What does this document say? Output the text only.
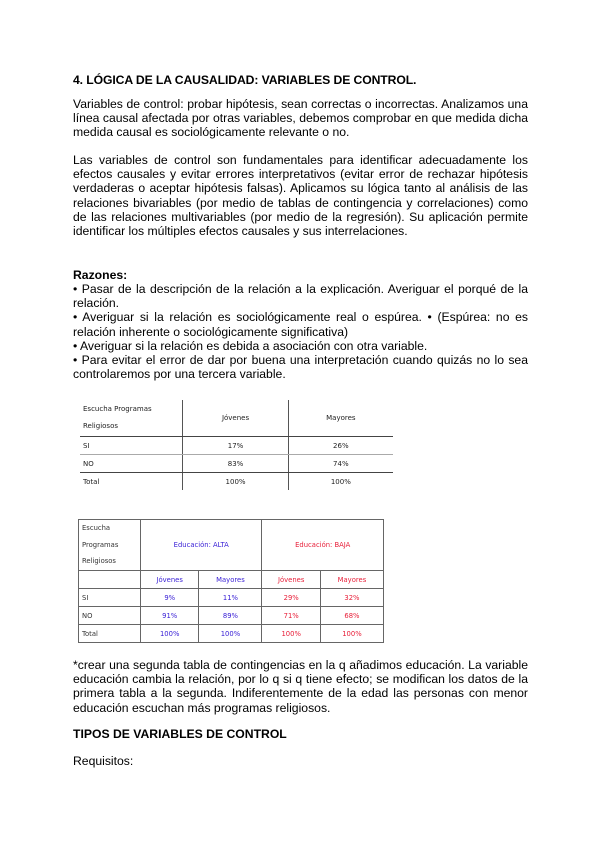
4. LÓGICA DE LA CAUSALIDAD: VARIABLES DE CONTROL.
Variables de control: probar hipótesis, sean correctas o incorrectas. Analizamos una línea causal afectada por otras variables, debemos comprobar en que medida dicha medida causal es sociológicamente relevante o no.
Las variables de control son fundamentales para identificar adecuadamente los efectos causales y evitar errores interpretativos (evitar error de rechazar hipótesis verdaderas o aceptar hipótesis falsas). Aplicamos su lógica tanto al análisis de las relaciones bivariables (por medio de tablas de contingencia y correlaciones) como de las relaciones multivariables (por medio de la regresión). Su aplicación permite identificar los múltiples efectos causales y sus interrelaciones.
Razones:
• Pasar de la descripción de la relación a la explicación. Averiguar el porqué de la relación.
• Averiguar si la relación es sociológicamente real o espúrea. • (Espúrea: no es relación inherente o sociológicamente significativa)
• Averiguar si la relación es debida a asociación con otra variable.
• Para evitar el error de dar por buena una interpretación cuando quizás no lo sea controlaremos por una tercera variable.
Escucha Programas
Religiosos	Jóvenes	Mayores
SI	17%	26%
NO	83%	74%
Total	100%	100%
Escucha
Programas
Religiosos	Educación: ALTA		Educación: BAJA	
	Jóvenes	Mayores	Jóvenes	Mayores
SI	9%	11%	29%	32%
NO	91%	89%	71%	68%
Total	100%	100%	100%	100%
*crear una segunda tabla de contingencias en la q añadimos educación. La variable educación cambia la relación, por lo q si q tiene efecto; se modifican los datos de la primera tabla a la segunda. Indiferentemente de la edad las personas con menor educación escuchan más programas religiosos.
TIPOS DE VARIABLES DE CONTROL
Requisitos:
